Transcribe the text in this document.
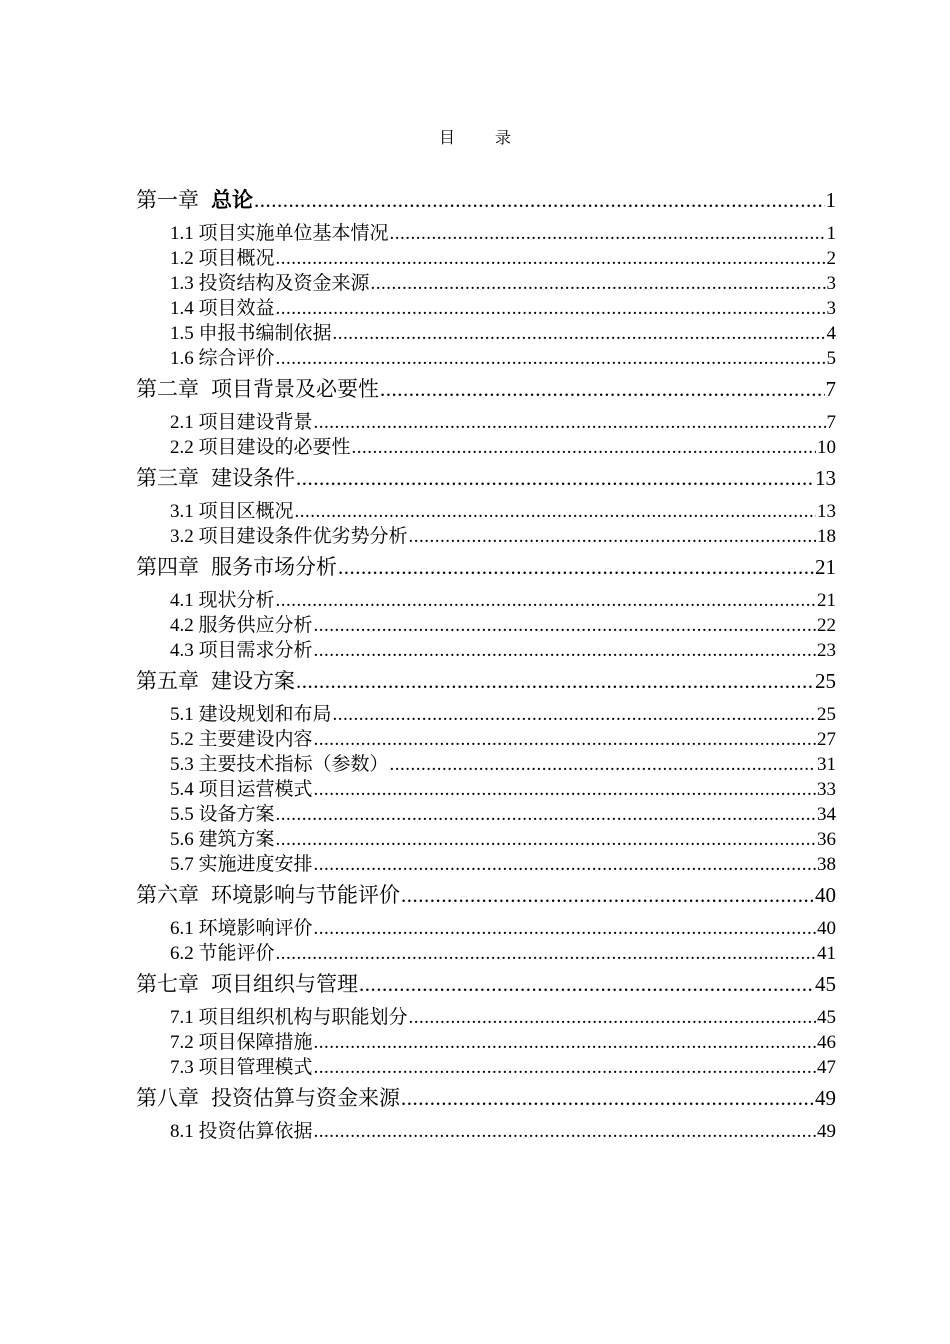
目 录
第一章 总论 .....	1
1.1 项目实施单位基本情况 .....	1
1.2 项目概况 .....	2
1.3 投资结构及资金来源 .....	3
1.4 项目效益 .....	3
1.5 申报书编制依据 .....	4
1.6 综合评价 .....	5
第二章 项目背景及必要性 .....	7
2.1 项目建设背景 .....	7
2.2 项目建设的必要性 .....	10
第三章 建设条件 .....	13
3.1 项目区概况 .....	13
3.2 项目建设条件优劣势分析 .....	18
第四章 服务市场分析 .....	21
4.1 现状分析 .....	21
4.2 服务供应分析 .....	22
4.3 项目需求分析 .....	23
第五章 建设方案 .....	25
5.1 建设规划和布局 .....	25
5.2 主要建设内容 .....	27
5.3 主要技术指标（参数） .....	31
5.4 项目运营模式 .....	33
5.5 设备方案 .....	34
5.6 建筑方案 .....	36
5.7 实施进度安排 .....	38
第六章 环境影响与节能评价 .....	40
6.1 环境影响评价 .....	40
6.2 节能评价 .....	41
第七章 项目组织与管理 .....	45
7.1 项目组织机构与职能划分 .....	45
7.2 项目保障措施 .....	46
7.3 项目管理模式 .....	47
第八章 投资估算与资金来源 .....	49
8.1 投资估算依据 .....	49
